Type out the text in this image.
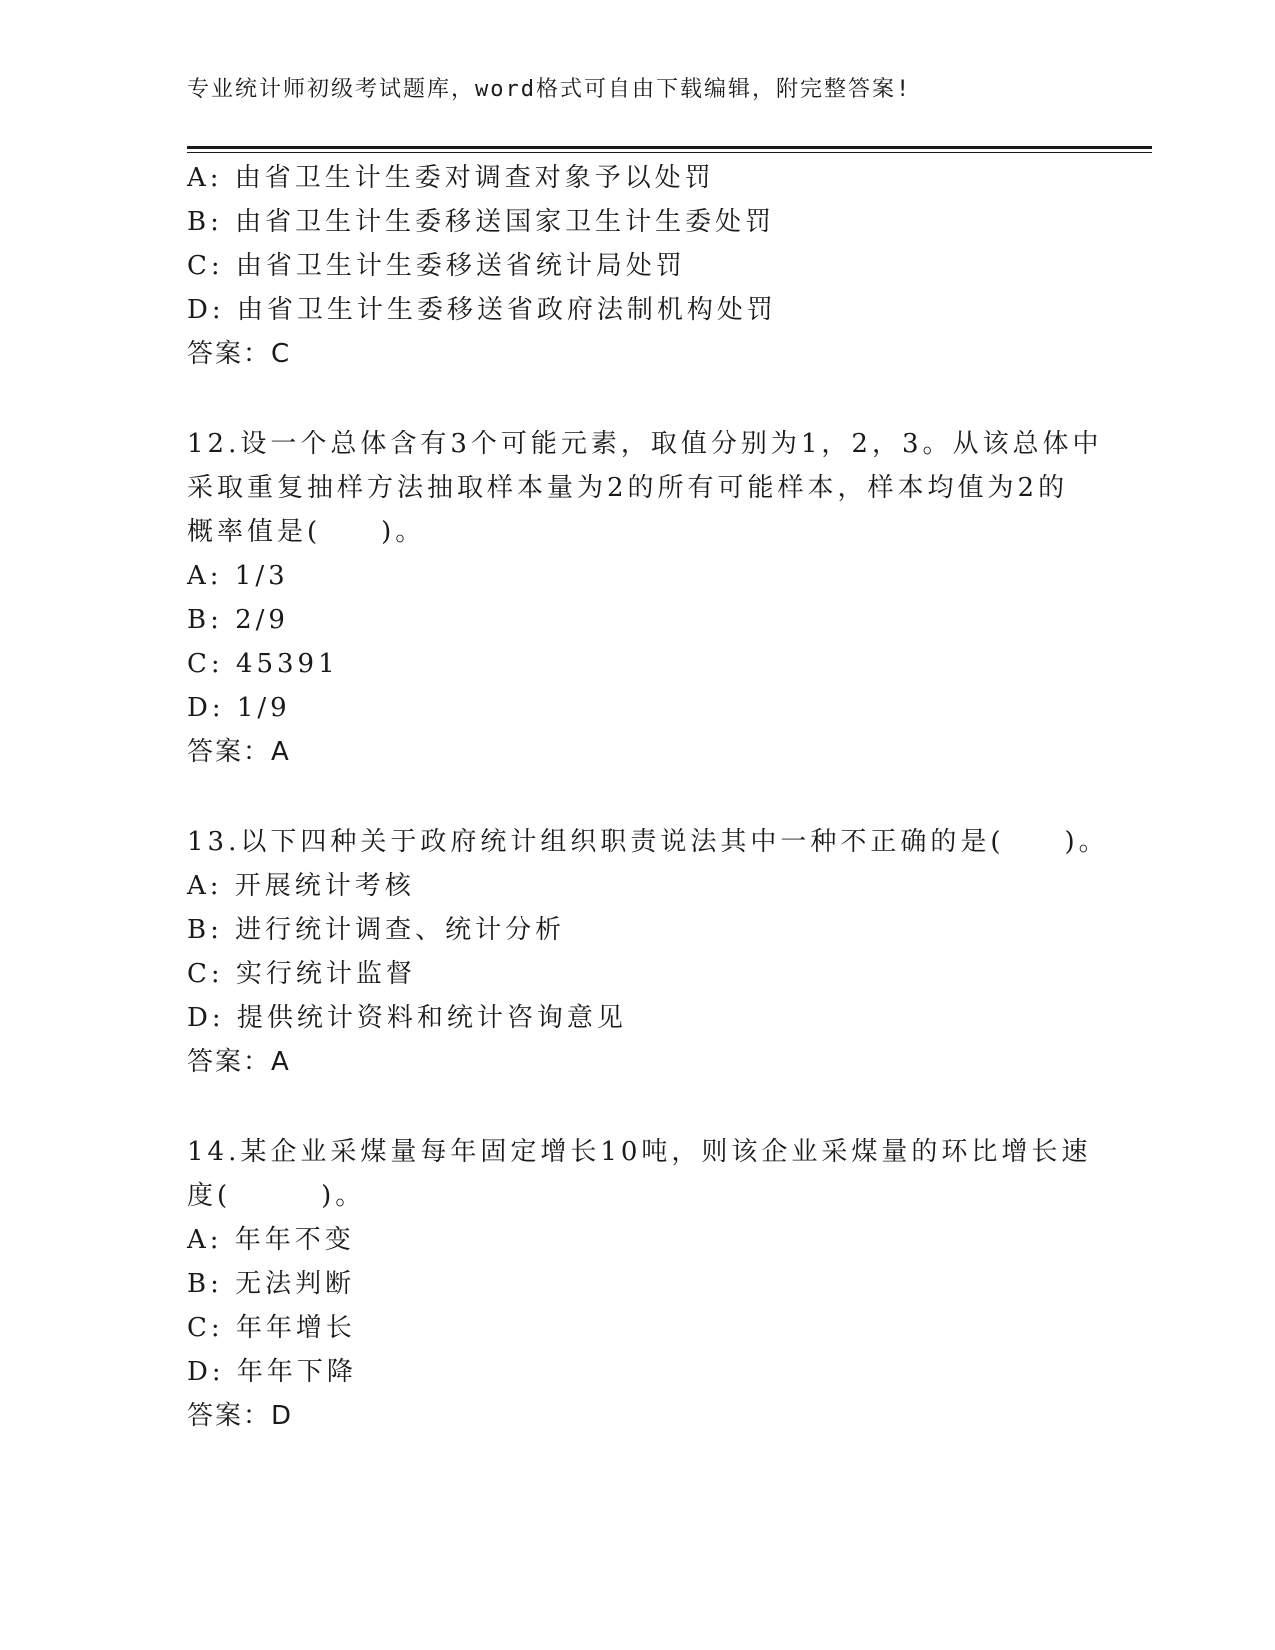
专业统计师初级考试题库，word格式可自由下载编辑，附完整答案!
A: 由省卫生计生委对调查对象予以处罚
B: 由省卫生计生委移送国家卫生计生委处罚
C: 由省卫生计生委移送省统计局处罚
D: 由省卫生计生委移送省政府法制机构处罚
答案：C
12.设一个总体含有3个可能元素，取值分别为1，2，3。从该总体中
采取重复抽样方法抽取样本量为2的所有可能样本，样本均值为2的
概率值是(　　)。
A: 1/3
B: 2/9
C: 45391
D: 1/9
答案：A
13.以下四种关于政府统计组织职责说法其中一种不正确的是(　　)。
A: 开展统计考核
B: 进行统计调查、统计分析
C: 实行统计监督
D: 提供统计资料和统计咨询意见
答案：A
14.某企业采煤量每年固定增长10吨，则该企业采煤量的环比增长速
度(　　　)。
A: 年年不变
B: 无法判断
C: 年年增长
D: 年年下降
答案：D
